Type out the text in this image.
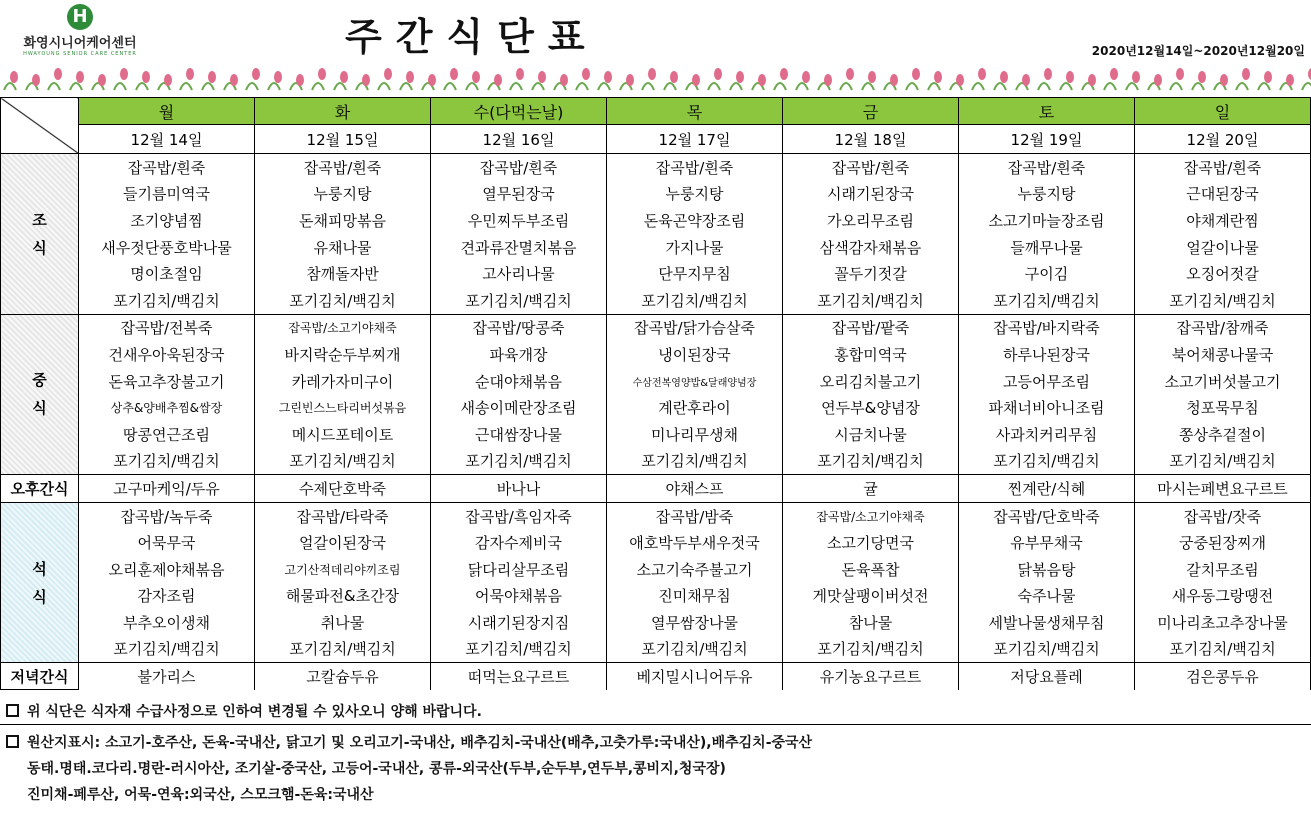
H
화영시니어케어센터
HWAYOUNG SENIOR CARE CENTER	주간식단표	2020년12월14일~2020년12월20일
	월	화	수(다먹는날)	목	금	토	일
	12월 14일	12월 15일	12월 16일	12월 17일	12월 18일	12월 19일	12월 20일
조
식	잡곡밥/흰죽	잡곡밥/흰죽	잡곡밥/흰죽	잡곡밥/흰죽	잡곡밥/흰죽	잡곡밥/흰죽	잡곡밥/흰죽
	들기름미역국	누룽지탕	열무된장국	누룽지탕	시래기된장국	누룽지탕	근대된장국
	조기양념찜	돈채피망볶음	우민찌두부조림	돈육곤약장조림	가오리무조림	소고기마늘장조림	야채계란찜
	새우젓단풍호박나물	유채나물	견과류잔멸치볶음	가지나물	삼색감자채볶음	들깨무나물	얼갈이나물
	명이초절임	참깨돌자반	고사리나물	단무지무침	꼴두기젓갈	구이김	오징어젓갈
	포기김치/백김치	포기김치/백김치	포기김치/백김치	포기김치/백김치	포기김치/백김치	포기김치/백김치	포기김치/백김치
중
식	잡곡밥/전복죽	잡곡밥/소고기야채죽	잡곡밥/땅콩죽	잡곡밥/닭가슴살죽	잡곡밥/팥죽	잡곡밥/바지락죽	잡곡밥/참깨죽
	건새우아욱된장국	바지락순두부찌개	파육개장	냉이된장국	홍합미역국	하루나된장국	북어채콩나물국
	돈육고추장불고기	카레가자미구이	순대야채볶음	수삼전복영양밥&달래양념장	오리김치불고기	고등어무조림	소고기버섯불고기
	상추&양배추찜&쌈장	그린빈스느타리버섯볶음	새송이메란장조림	계란후라이	연두부&양념장	파채너비아니조림	청포묵무침
	땅콩연근조림	메시드포테이토	근대쌈장나물	미나리무생채	시금치나물	사과치커리무침	쫑상추겉절이
	포기김치/백김치	포기김치/백김치	포기김치/백김치	포기김치/백김치	포기김치/백김치	포기김치/백김치	포기김치/백김치
오후간식	고구마케익/두유	수제단호박죽	바나나	야채스프	귤	찐계란/식혜	마시는페변요구르트
석
식	잡곡밥/녹두죽	잡곡밥/타락죽	잡곡밥/흑임자죽	잡곡밥/밤죽	잡곡밥/소고기야채죽	잡곡밥/단호박죽	잡곡밥/잣죽
	어묵무국	얼갈이된장국	감자수제비국	애호박두부새우젓국	소고기당면국	유부무채국	궁중된장찌개
	오리훈제야채볶음	고기산적데리야끼조림	닭다리살무조림	소고기숙주불고기	돈육폭찹	닭볶음탕	갈치무조림
	감자조림	해물파전&초간장	어묵야채볶음	진미채무침	게맛살팽이버섯전	숙주나물	새우동그랑땡전
	부추오이생채	취나물	시래기된장지짐	열무쌈장나물	참나물	세발나물생채무침	미나리초고추장나물
	포기김치/백김치	포기김치/백김치	포기김치/백김치	포기김치/백김치	포기김치/백김치	포기김치/백김치	포기김치/백김치
저녁간식	불가리스	고칼슘두유	떠먹는요구르트	베지밀시니어두유	유기농요구르트	저당요플레	검은콩두유
위 식단은 식자재 수급사정으로 인하여 변경될 수 있사오니 양해 바랍니다.
원산지표시: 소고기-호주산, 돈육-국내산, 닭고기 및 오리고기-국내산, 배추김치-국내산(배추,고춧가루:국내산),배추김치-중국산
동태.명태.코다리.명란-러시아산, 조기살-중국산, 고등어-국내산, 콩류-외국산(두부,순두부,연두부,콩비지,청국장)
진미채-페루산, 어묵-연육:외국산, 스모크햄-돈육:국내산
